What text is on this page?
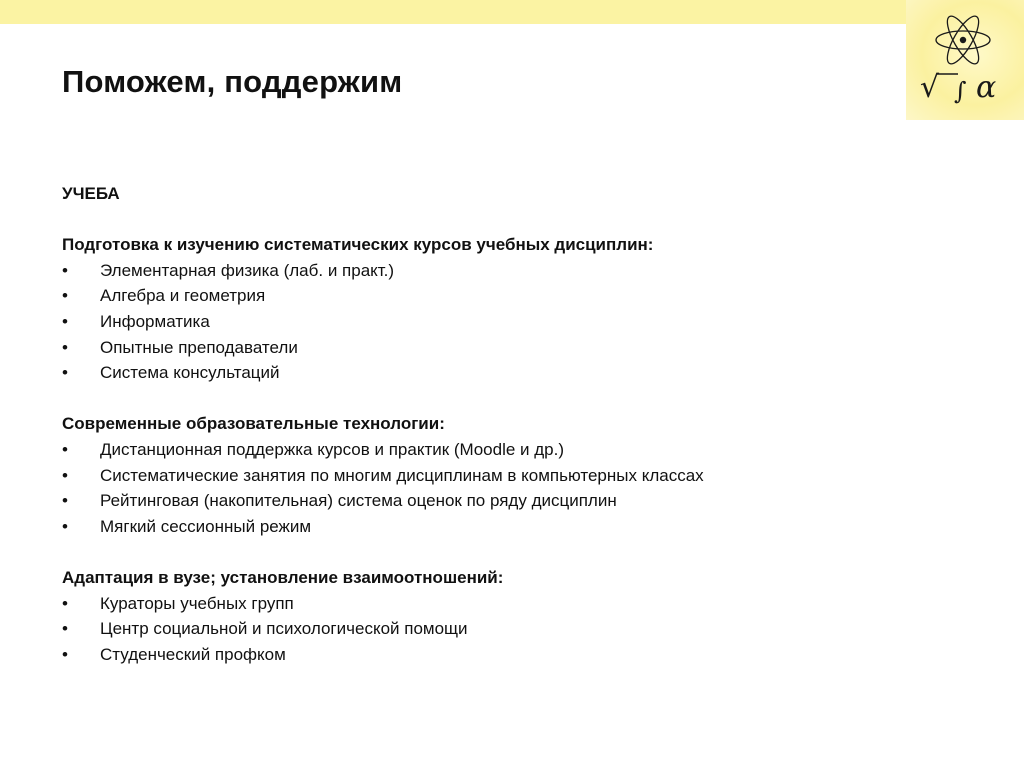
√ ∫ α
Поможем, поддержим
УЧЕБА
Подготовка к изучению систематических курсов учебных дисциплин:
•	Элементарная физика (лаб. и практ.)
•	Алгебра и геометрия
•	Информатика
•	Опытные преподаватели
•	Система консультаций
Современные образовательные технологии:
•	Дистанционная поддержка курсов и практик (Moodle и др.)
•	Систематические занятия по многим дисциплинам в компьютерных классах
•	Рейтинговая (накопительная) система оценок по ряду дисциплин
•	Мягкий сессионный режим
Адаптация в вузе; установление взаимоотношений:
•	Кураторы учебных групп
•	Центр социальной и психологической помощи
•	Студенческий профком
